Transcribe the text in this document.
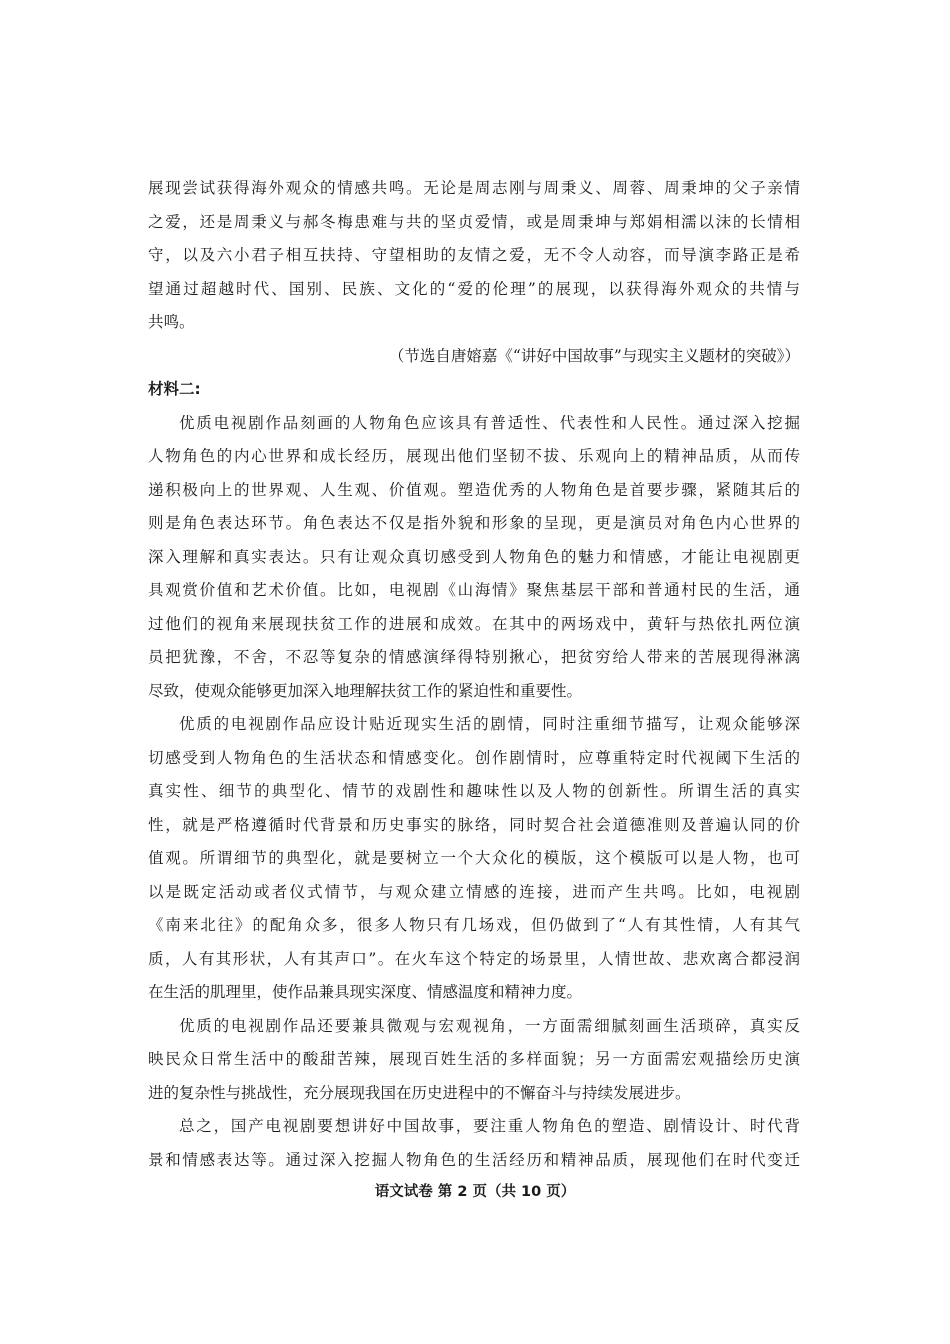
展现尝试获得海外观众的情感共鸣。无论是周志刚与周秉义、周蓉、周秉坤的父子亲情
之爱，还是周秉义与郝冬梅患难与共的坚贞爱情，或是周秉坤与郑娟相濡以沫的长情相
守，以及六小君子相互扶持、守望相助的友情之爱，无不令人动容，而导演李路正是希
望通过超越时代、国别、民族、文化的“爱的伦理”的展现，以获得海外观众的共情与
共鸣。
（节选自唐嫆嘉《“讲好中国故事”与现实主义题材的突破》）
材料二:
优质电视剧作品刻画的人物角色应该具有普适性、代表性和人民性。通过深入挖掘
人物角色的内心世界和成长经历，展现出他们坚韧不拔、乐观向上的精神品质，从而传
递积极向上的世界观、人生观、价值观。塑造优秀的人物角色是首要步骤，紧随其后的
则是角色表达环节。角色表达不仅是指外貌和形象的呈现，更是演员对角色内心世界的
深入理解和真实表达。只有让观众真切感受到人物角色的魅力和情感，才能让电视剧更
具观赏价值和艺术价值。比如，电视剧《山海情》聚焦基层干部和普通村民的生活，通
过他们的视角来展现扶贫工作的进展和成效。在其中的两场戏中，黄轩与热依扎两位演
员把犹豫，不舍，不忍等复杂的情感演绎得特别揪心，把贫穷给人带来的苦展现得淋漓
尽致，使观众能够更加深入地理解扶贫工作的紧迫性和重要性。
优质的电视剧作品应设计贴近现实生活的剧情，同时注重细节描写，让观众能够深
切感受到人物角色的生活状态和情感变化。创作剧情时，应尊重特定时代视阈下生活的
真实性、细节的典型化、情节的戏剧性和趣味性以及人物的创新性。所谓生活的真实
性，就是严格遵循时代背景和历史事实的脉络，同时契合社会道德准则及普遍认同的价
值观。所谓细节的典型化，就是要树立一个大众化的模版，这个模版可以是人物，也可
以是既定活动或者仪式情节，与观众建立情感的连接，进而产生共鸣。比如，电视剧
《南来北往》的配角众多，很多人物只有几场戏，但仍做到了“人有其性情，人有其气
质，人有其形状，人有其声口”。在火车这个特定的场景里，人情世故、悲欢离合都浸润
在生活的肌理里，使作品兼具现实深度、情感温度和精神力度。
优质的电视剧作品还要兼具微观与宏观视角，一方面需细腻刻画生活琐碎，真实反
映民众日常生活中的酸甜苦辣，展现百姓生活的多样面貌；另一方面需宏观描绘历史演
进的复杂性与挑战性，充分展现我国在历史进程中的不懈奋斗与持续发展进步。
总之，国产电视剧要想讲好中国故事，要注重人物角色的塑造、剧情设计、时代背
景和情感表达等。通过深入挖掘人物角色的生活经历和精神品质，展现他们在时代变迁
语文试卷 第 2 页（共 10 页）
